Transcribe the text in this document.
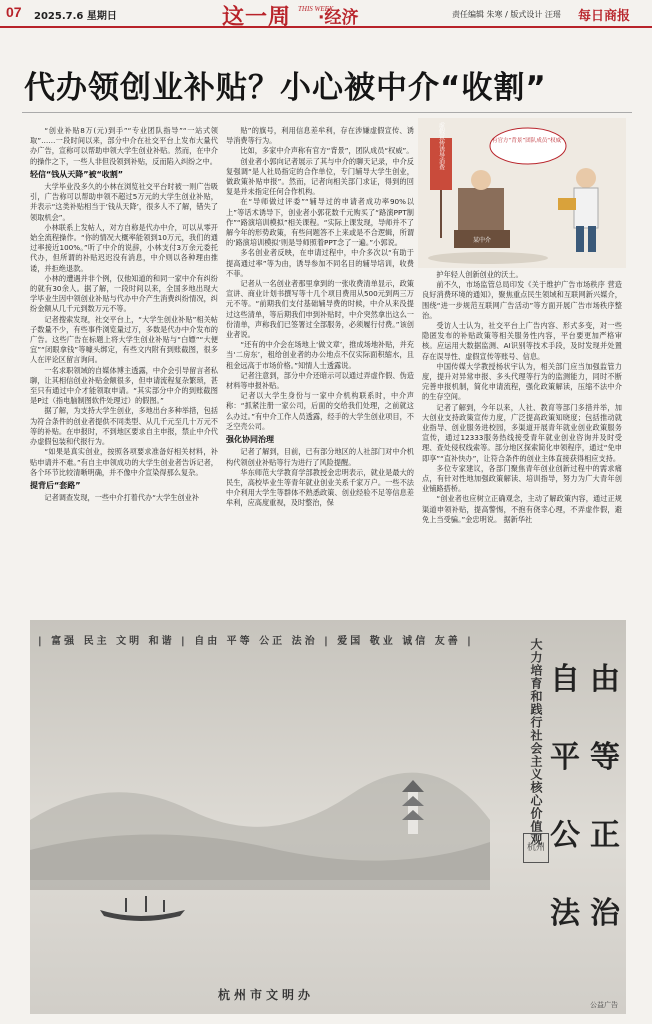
07 2025.7.6 星期日	这一周 THIS WEEK
·经济	责任编辑 朱寒 / 版式设计 汪瑶 每日商报
代办领创业补贴？小心被中介“收割”

“创业补贴8万(元)到手”“专业团队指导”“一站式领取”……一段时间以来，部分中介在社交平台上发布大量代办广告，宣称可以帮助申领大学生创业补贴。然而，在中介的操作之下，一些人非但没领到补贴，反而陷入纠纷之中。

轻信“钱从天降”被“收割”

大学毕业没多久的小林在浏览社交平台时被一则广告吸引，广告称可以帮助申领不超过5万元的大学生创业补贴，并表示“这类补贴相当于‘钱从天降’，很多人不了解，错失了领取机会”。

小林联系上发帖人，对方自称是代办中介，可以从零开始全流程操作。“你的情况大概率能领到10万元，我们的通过率接近100%。”听了中介的说辞，小林支付3万余元委托代办，但所谓的补贴迟迟没有消息，中介则以各种理由推诿，并拒绝退款。

小林的遭遇并非个例，仅他知道的和同一家中介有纠纷的就有30余人。据了解，一段时间以来，全国多地出现大学毕业生因中领创业补贴与代办中介产生消费纠纷情况，纠纷金额从几千元到数万元不等。

记者搜索发现，社交平台上，“大学生创业补贴”相关帖子数量不少，有些事件浏览量过万，多数是代办中介发布的广告。这些广告在标题上将大学生创业补贴与“白嫖”“大便宜”“闭眼拿钱”等噱头绑定，有些文内附有到账截图，很多人在评论区留言询问。

一名求职领域的自媒体博主透露，中介会引导留言者私聊，让其相信创业补贴金额很多，但申请流程复杂繁琐，甚至只有通过中介才能领取申请。“其实部分中介的到账截图是P过（指电脑制图软件处理过）的假图。”

据了解，为支持大学生创业，多地出台多种举措，包括为符合条件的创业者提供不同类型、从几千元至几十万元不等的补贴。在申报时，不到地区要求自主申报，禁止中介代办虚假包装和代报行为。

“如果是真实创业，按照各项要求准备好相关材料，补贴申请并不难。”有自主申领成功的大学生创业者告诉记者，各个环节比较清晰明确，并不像中介宣染得那么复杂。

提背后“套路”

记者调查发现，一些中介打着代办“大学生创业补

贴”的旗号，利用信息差牟利，存在涉嫌虚假宣传、诱导消费等行为。

比如，多家中介声称有官方“背景”，团队成员“权威”。

创业者小郭向记者展示了其与中介的聊天记录，中介反复强调“是人社局指定的合作单位，专门辅导大学生创业，做政策补贴申报”。然而，记者向相关部门求证，得到的回复是并未指定任何合作机构。

在“导师做过评委”“辅导过的申请者成功率90%以上”等话术诱导下，创业者小郭花数千元购买了“路演PPT制作”“路演培训模拟”相关课程。“实际上课发现，导师并不了解今年的形势政策，有些问题答不上来或是不合逻辑，所谓的‘路演培训模拟’则是导师照着PPT念了一遍。”小郭说。

多名创业者反映，在申请过程中，中介多次以“有助于提高通过率”等为由，诱导参加不同名目的辅导培训，收费不菲。

记者从一名创业者那里拿到的一张收费清单显示，政策宣讲、商业计划书撰写等十几个项目费用从500元到两三万元不等。“前期我们支付基础辅导费的时候，中介从来没提过这些清单，等后期我们申到补贴时，中介突然拿出这么一份清单，声称我们已签署过全部服务，必须履行付费。”该创业者说。

“还有的中介会在场地上‘做文章’，推成场地补贴，并充当‘二房东’，租给创业者的办公地点不仅实际面积缩水，且租金远高于市场价格。”知情人士透露说。

记者注意到，部分中介还暗示可以通过弄虚作假、伪造材料等申报补贴。

记者以大学生身份与一家中介机构联系时，中介声称：“抓紧注册一家公司，后面的交给我们处理，之前就这么办过。”有中介工作人员透露，经手的大学生创业项目，不乏空壳公司。

强化协同治理

记者了解到，目前，已有部分地区的人社部门对中介机构代领创业补贴等行为进行了风险提醒。

华东师范大学教育学部教授金忠明表示，就业是最大的民生，高校毕业生等青年就业创业关系千家万户。一些不法中介利用大学生等群体不熟悉政策、创业经验不足等信息差牟利，应高度重视，及时整治，保

护年轻人创新创业的沃土。

前不久，市场监管总局印发《关于维护广告市场秩序 营造良好消费环境的通知》，聚焦重点民生领域和互联网新兴媒介，围绕“进一步规范互联网广告活动”等方面开展广告市场秩序整治。

受访人士认为，社交平台上广告内容、形式多变，对一些隐匿发布的补贴政策等相关服务性内容，平台要更加严格审核。应运用大数据监测、AI识别等技术手段，及时发现并处置存在误导性、虚假宣传等账号、信息。

中国传媒大学教授杨状宇认为，相关部门应当加强监管力度，提升对异常申报、多头代理等行为的监测能力，同时不断完善申报机制，简化申请流程，强化政策解读，压缩不法中介的生存空间。

记者了解到，今年以来，人社、教育等部门多措并举，加大创业支持政策宣传力度，广泛提高政策知晓度；包括推动就业指导、创业服务进校园，多渠道开展青年就业创业政策服务宣传，通过12333服务热线接受青年就业创业咨询并及时受理、查处侵权线索等。部分地区探索简化申领程序，通过“免申即享”“直补快办”，让符合条件的创业主体直接获得相应支持。

多位专家建议，各部门聚焦青年创业创新过程中的需求痛点，有针对性地加强政策解读、培训指导，努力为广大青年创业铺路搭桥。

“创业者也应树立正确观念，主动了解政策内容，通过正规渠道申领补贴，提高警惕，不抱有侥幸心理，不弄虚作假，避免上当受骗。”金忠明说。 据新华社

虚假宣传诱导消费	有官方“背景”团队成员“权威”
某中介
| 富强 民主 文明 和谐 | 自由 平等 公正 法治 | 爱国 敬业 诚信 友善 |	大力培育和践行社会主义核心价值观 自 由
平 等
公 正
法 治
杭州
杭州市文明办
公益广告
